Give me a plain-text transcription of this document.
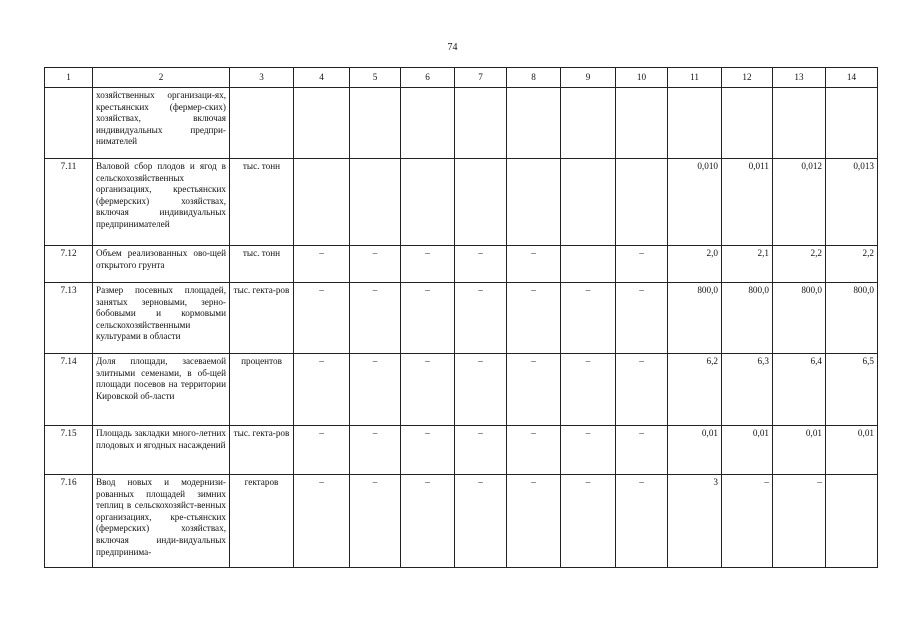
74
1	2	3	4	5	6	7	8	9	10	11	12	13	14
	хозяйственных организаци-ях, крестьянских (фермер-ских) хозяйствах, включая индивидуальных предпри-нимателей												
7.11	Валовой сбор плодов и ягод в сельскохозяйственных организациях, крестьянских (фермерских) хозяйствах, включая индивидуальных предпринимателей	тыс. тонн								0,010	0,011	0,012	0,013
7.12	Объем реализованных ово-щей открытого грунта	тыс. тонн	–	–	–	–	–		–	2,0	2,1	2,2	2,2
7.13	Размер посевных площадей, занятых зерновыми, зерно-бобовыми и кормовыми сельскохозяйственными культурами в области	тыс. гекта-ров	–	–	–	–	–	–	–	800,0	800,0	800,0	800,0
7.14	Доля площади, засеваемой элитными семенами, в об-щей площади посевов на территории Кировской об-ласти	процентов	–	–	–	–	–	–	–	6,2	6,3	6,4	6,5
7.15	Площадь закладки много-летних плодовых и ягодных насаждений	тыс. гекта-ров	–	–	–	–	–	–	–	0,01	0,01	0,01	0,01
7.16	Ввод новых и модернизи-рованных площадей зимних теплиц в сельскохозяйст-венных организациях, кре-стьянских (фермерских) хозяйствах, включая инди-видуальных предпринима-	гектаров	–	–	–	–	–	–	–	3	–	–	
